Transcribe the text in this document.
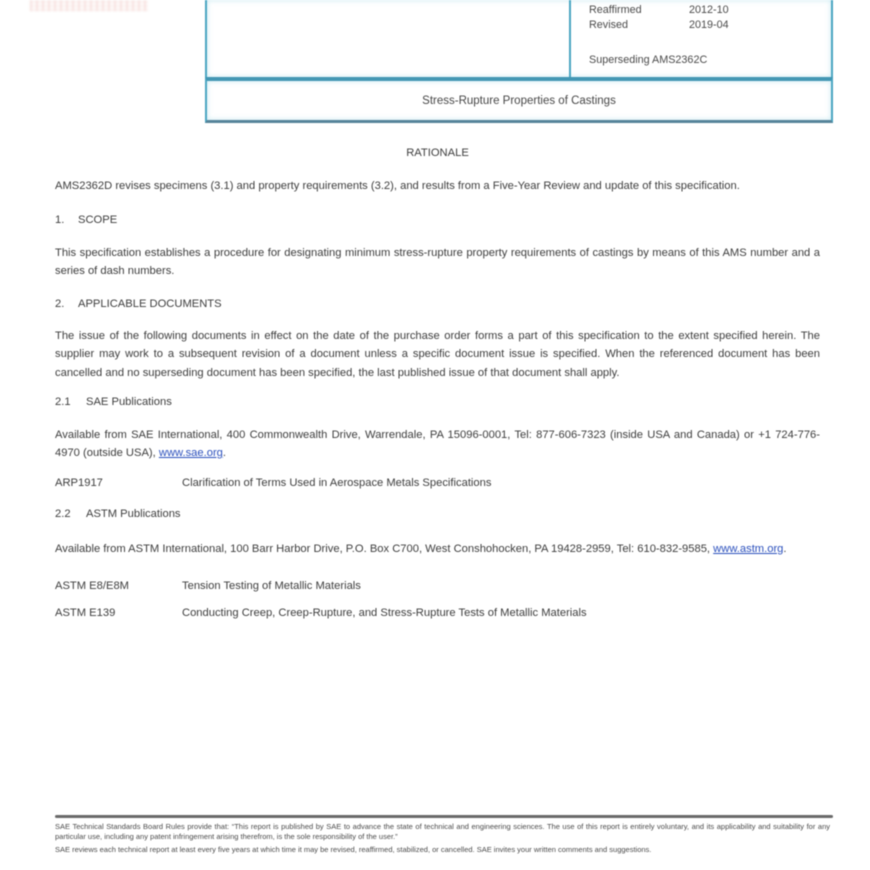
Reaffirmed	2012-10
Revised	2019-04
Superseding AMS2362C
Stress-Rupture Properties of Castings
RATIONALE

AMS2362D revises specimens (3.1) and property requirements (3.2), and results from a Five-Year Review and update of this specification.

1.	SCOPE

This specification establishes a procedure for designating minimum stress-rupture property requirements of castings by means of this AMS number and a series of dash numbers.

2.	APPLICABLE DOCUMENTS

The issue of the following documents in effect on the date of the purchase order forms a part of this specification to the extent specified herein. The supplier may work to a subsequent revision of a document unless a specific document issue is specified. When the referenced document has been cancelled and no superseding document has been specified, the last published issue of that document shall apply.

2.1	SAE Publications

Available from SAE International, 400 Commonwealth Drive, Warrendale, PA 15096-0001, Tel: 877-606-7323 (inside USA and Canada) or +1 724-776-4970 (outside USA), www.sae.org.

ARP1917	Clarification of Terms Used in Aerospace Metals Specifications
2.2	ASTM Publications

Available from ASTM International, 100 Barr Harbor Drive, P.O. Box C700, West Conshohocken, PA 19428-2959, Tel: 610-832-9585, www.astm.org.

ASTM E8/E8M	Tension Testing of Metallic Materials
ASTM E139	Conducting Creep, Creep-Rupture, and Stress-Rupture Tests of Metallic Materials

SAE Technical Standards Board Rules provide that: “This report is published by SAE to advance the state of technical and engineering sciences. The use of this report is entirely voluntary, and its applicability and suitability for any particular use, including any patent infringement arising therefrom, is the sole responsibility of the user.”

SAE reviews each technical report at least every five years at which time it may be revised, reaffirmed, stabilized, or cancelled. SAE invites your written comments and suggestions.
